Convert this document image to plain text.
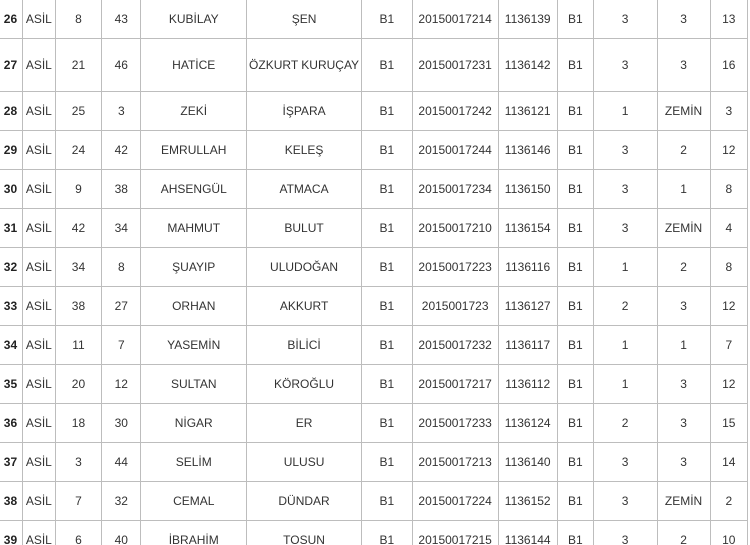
26	ASİL	8	43	KUBİLAY	ŞEN	B1	20150017214	1136139	B1	3	3	13
27	ASİL	21	46	HATİCE	ÖZKURT KURUÇAY	B1	20150017231	1136142	B1	3	3	16
28	ASİL	25	3	ZEKİ	İŞPARA	B1	20150017242	1136121	B1	1	ZEMİN	3
29	ASİL	24	42	EMRULLAH	KELEŞ	B1	20150017244	1136146	B1	3	2	12
30	ASİL	9	38	AHSENGÜL	ATMACA	B1	20150017234	1136150	B1	3	1	8
31	ASİL	42	34	MAHMUT	BULUT	B1	20150017210	1136154	B1	3	ZEMİN	4
32	ASİL	34	8	ŞUAYIP	ULUDOĞAN	B1	20150017223	1136116	B1	1	2	8
33	ASİL	38	27	ORHAN	AKKURT	B1	2015001723	1136127	B1	2	3	12
34	ASİL	11	7	YASEMİN	BİLİCİ	B1	20150017232	1136117	B1	1	1	7
35	ASİL	20	12	SULTAN	KÖROĞLU	B1	20150017217	1136112	B1	1	3	12
36	ASİL	18	30	NİGAR	ER	B1	20150017233	1136124	B1	2	3	15
37	ASİL	3	44	SELİM	ULUSU	B1	20150017213	1136140	B1	3	3	14
38	ASİL	7	32	CEMAL	DÜNDAR	B1	20150017224	1136152	B1	3	ZEMİN	2
39	ASİL	6	40	İBRAHİM	TOSUN	B1	20150017215	1136144	B1	3	2	10
